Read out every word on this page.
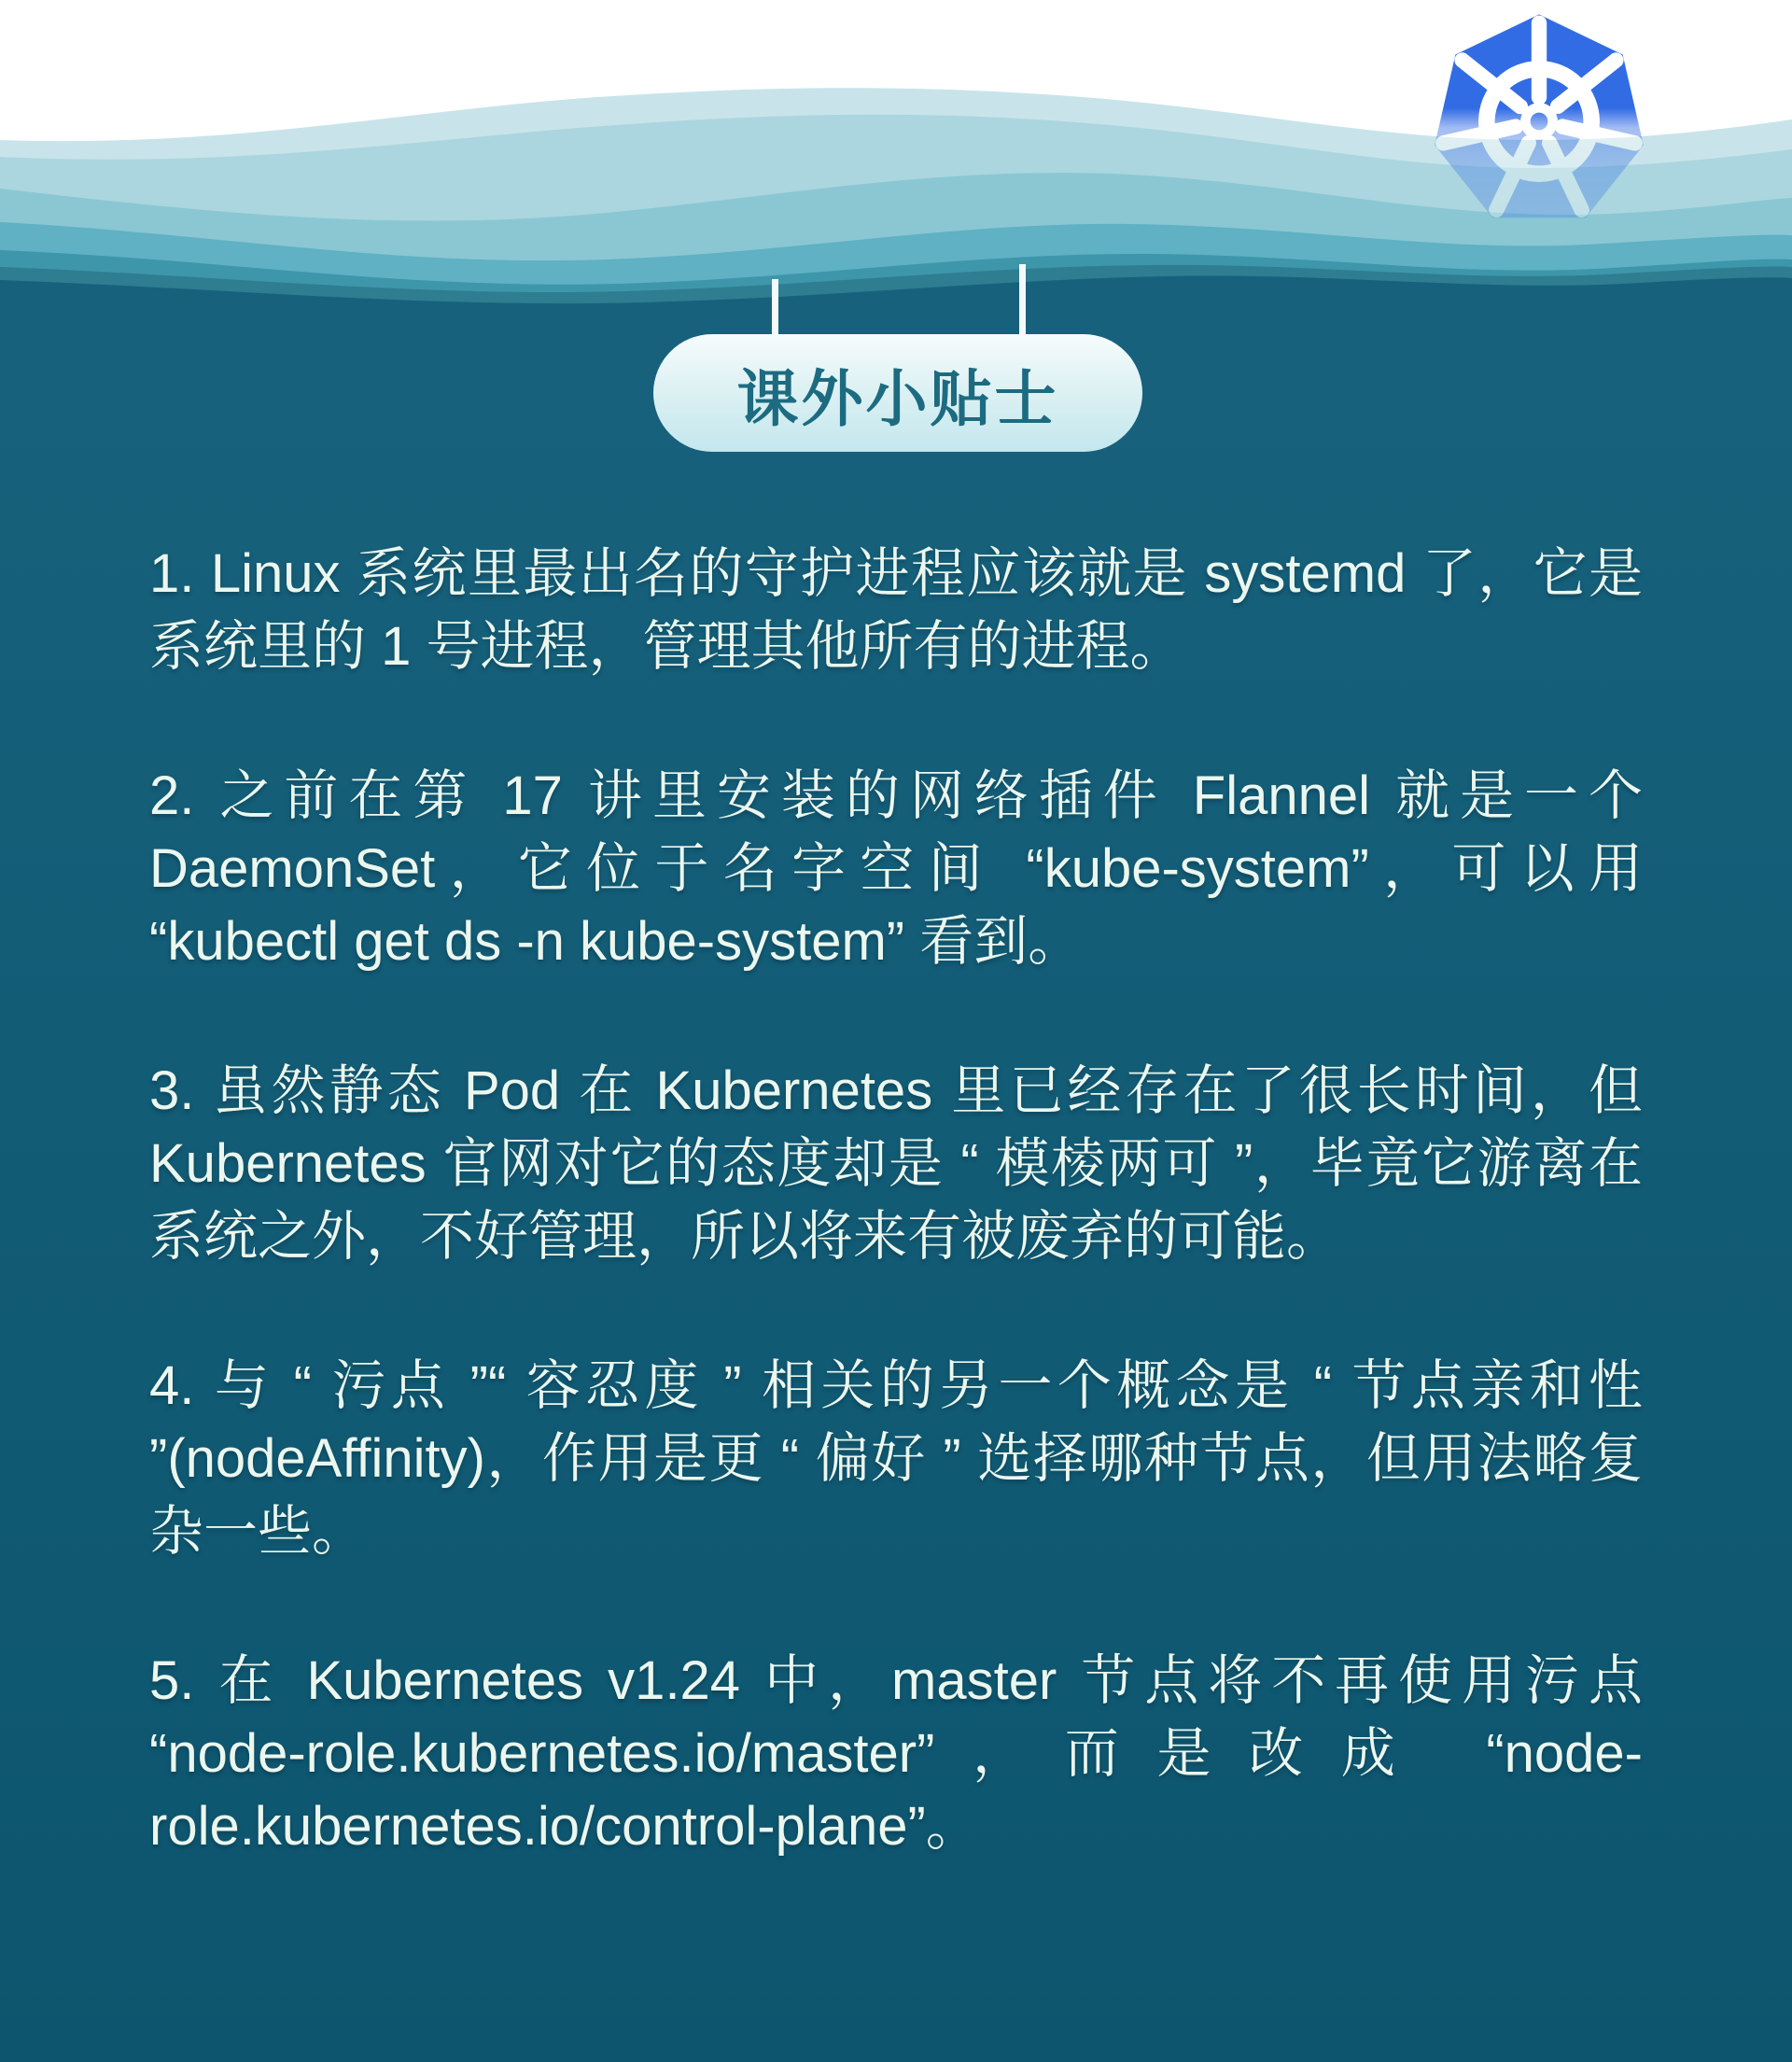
课外小贴士

1. Linux 系统里最出名的守护进程应该就是 systemd 了，它是系统里的 1 号进程，管理其他所有的进程。

2. 之前在第 17 讲里安装的网络插件 Flannel 就是一个 DaemonSet，它位于名字空间 “kube-system”，可以用 “kubectl get ds -n kube-system” 看到。

3. 虽然静态 Pod 在 Kubernetes 里已经存在了很长时间，但 Kubernetes 官网对它的态度却是 “ 模棱两可 ”，毕竟它游离在系统之外，不好管理，所以将来有被废弃的可能。

4. 与 “ 污点 ”“ 容忍度 ” 相关的另一个概念是 “ 节点亲和性 ”(nodeAffinity)，作用是更 “ 偏好 ” 选择哪种节点，但用法略复杂一些。

5. 在 Kubernetes v1.24 中，master 节点将不再使用污点 “node-role.kubernetes.io/master”，而是改成 “node-role.kubernetes.io/control-plane”。
